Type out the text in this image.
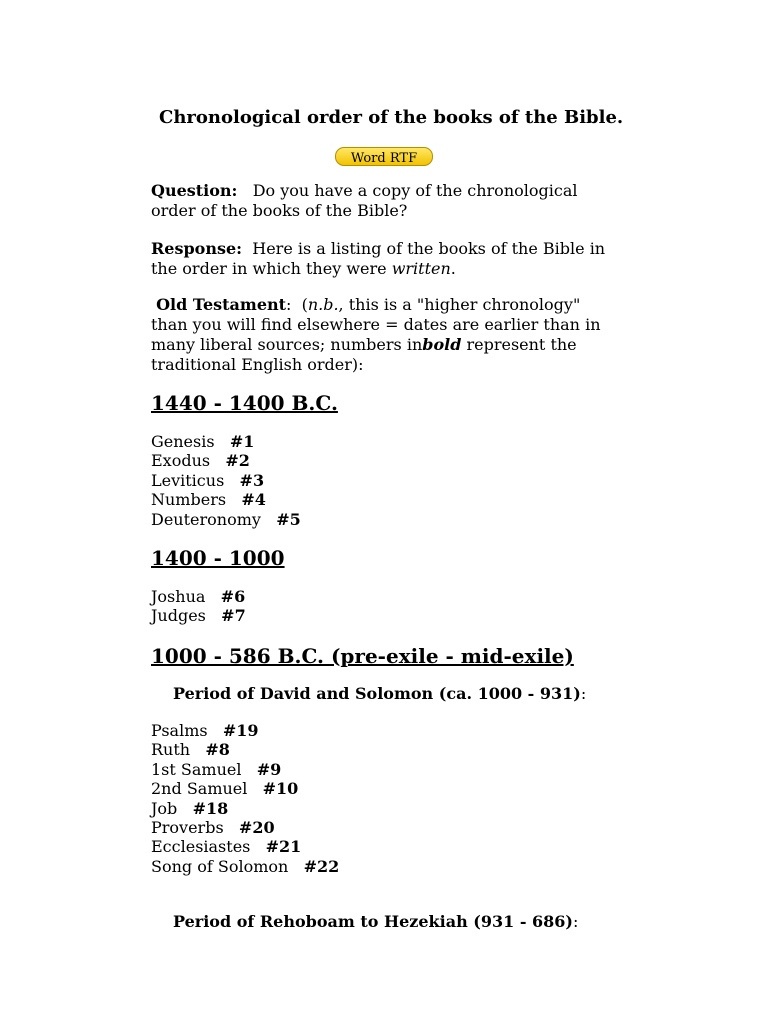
Chronological order of the books of the Bible.
Word RTF
Question: Do you have a copy of the chronological order of the books of the Bible?
Response: Here is a listing of the books of the Bible in the order in which they were written.
Old Testament: (n.b., this is a "higher chronology" than you will find elsewhere = dates are earlier than in many liberal sources; numbers inbold represent the traditional English order):
1440 - 1400 B.C.
Genesis #1
Exodus #2
Leviticus #3
Numbers #4
Deuteronomy #5
1400 - 1000
Joshua #6
Judges #7
1000 - 586 B.C. (pre-exile - mid-exile)
Period of David and Solomon (ca. 1000 - 931):
Psalms #19
Ruth #8
1st Samuel #9
2nd Samuel #10
Job #18
Proverbs #20
Ecclesiastes #21
Song of Solomon #22
Period of Rehoboam to Hezekiah (931 - 686):
